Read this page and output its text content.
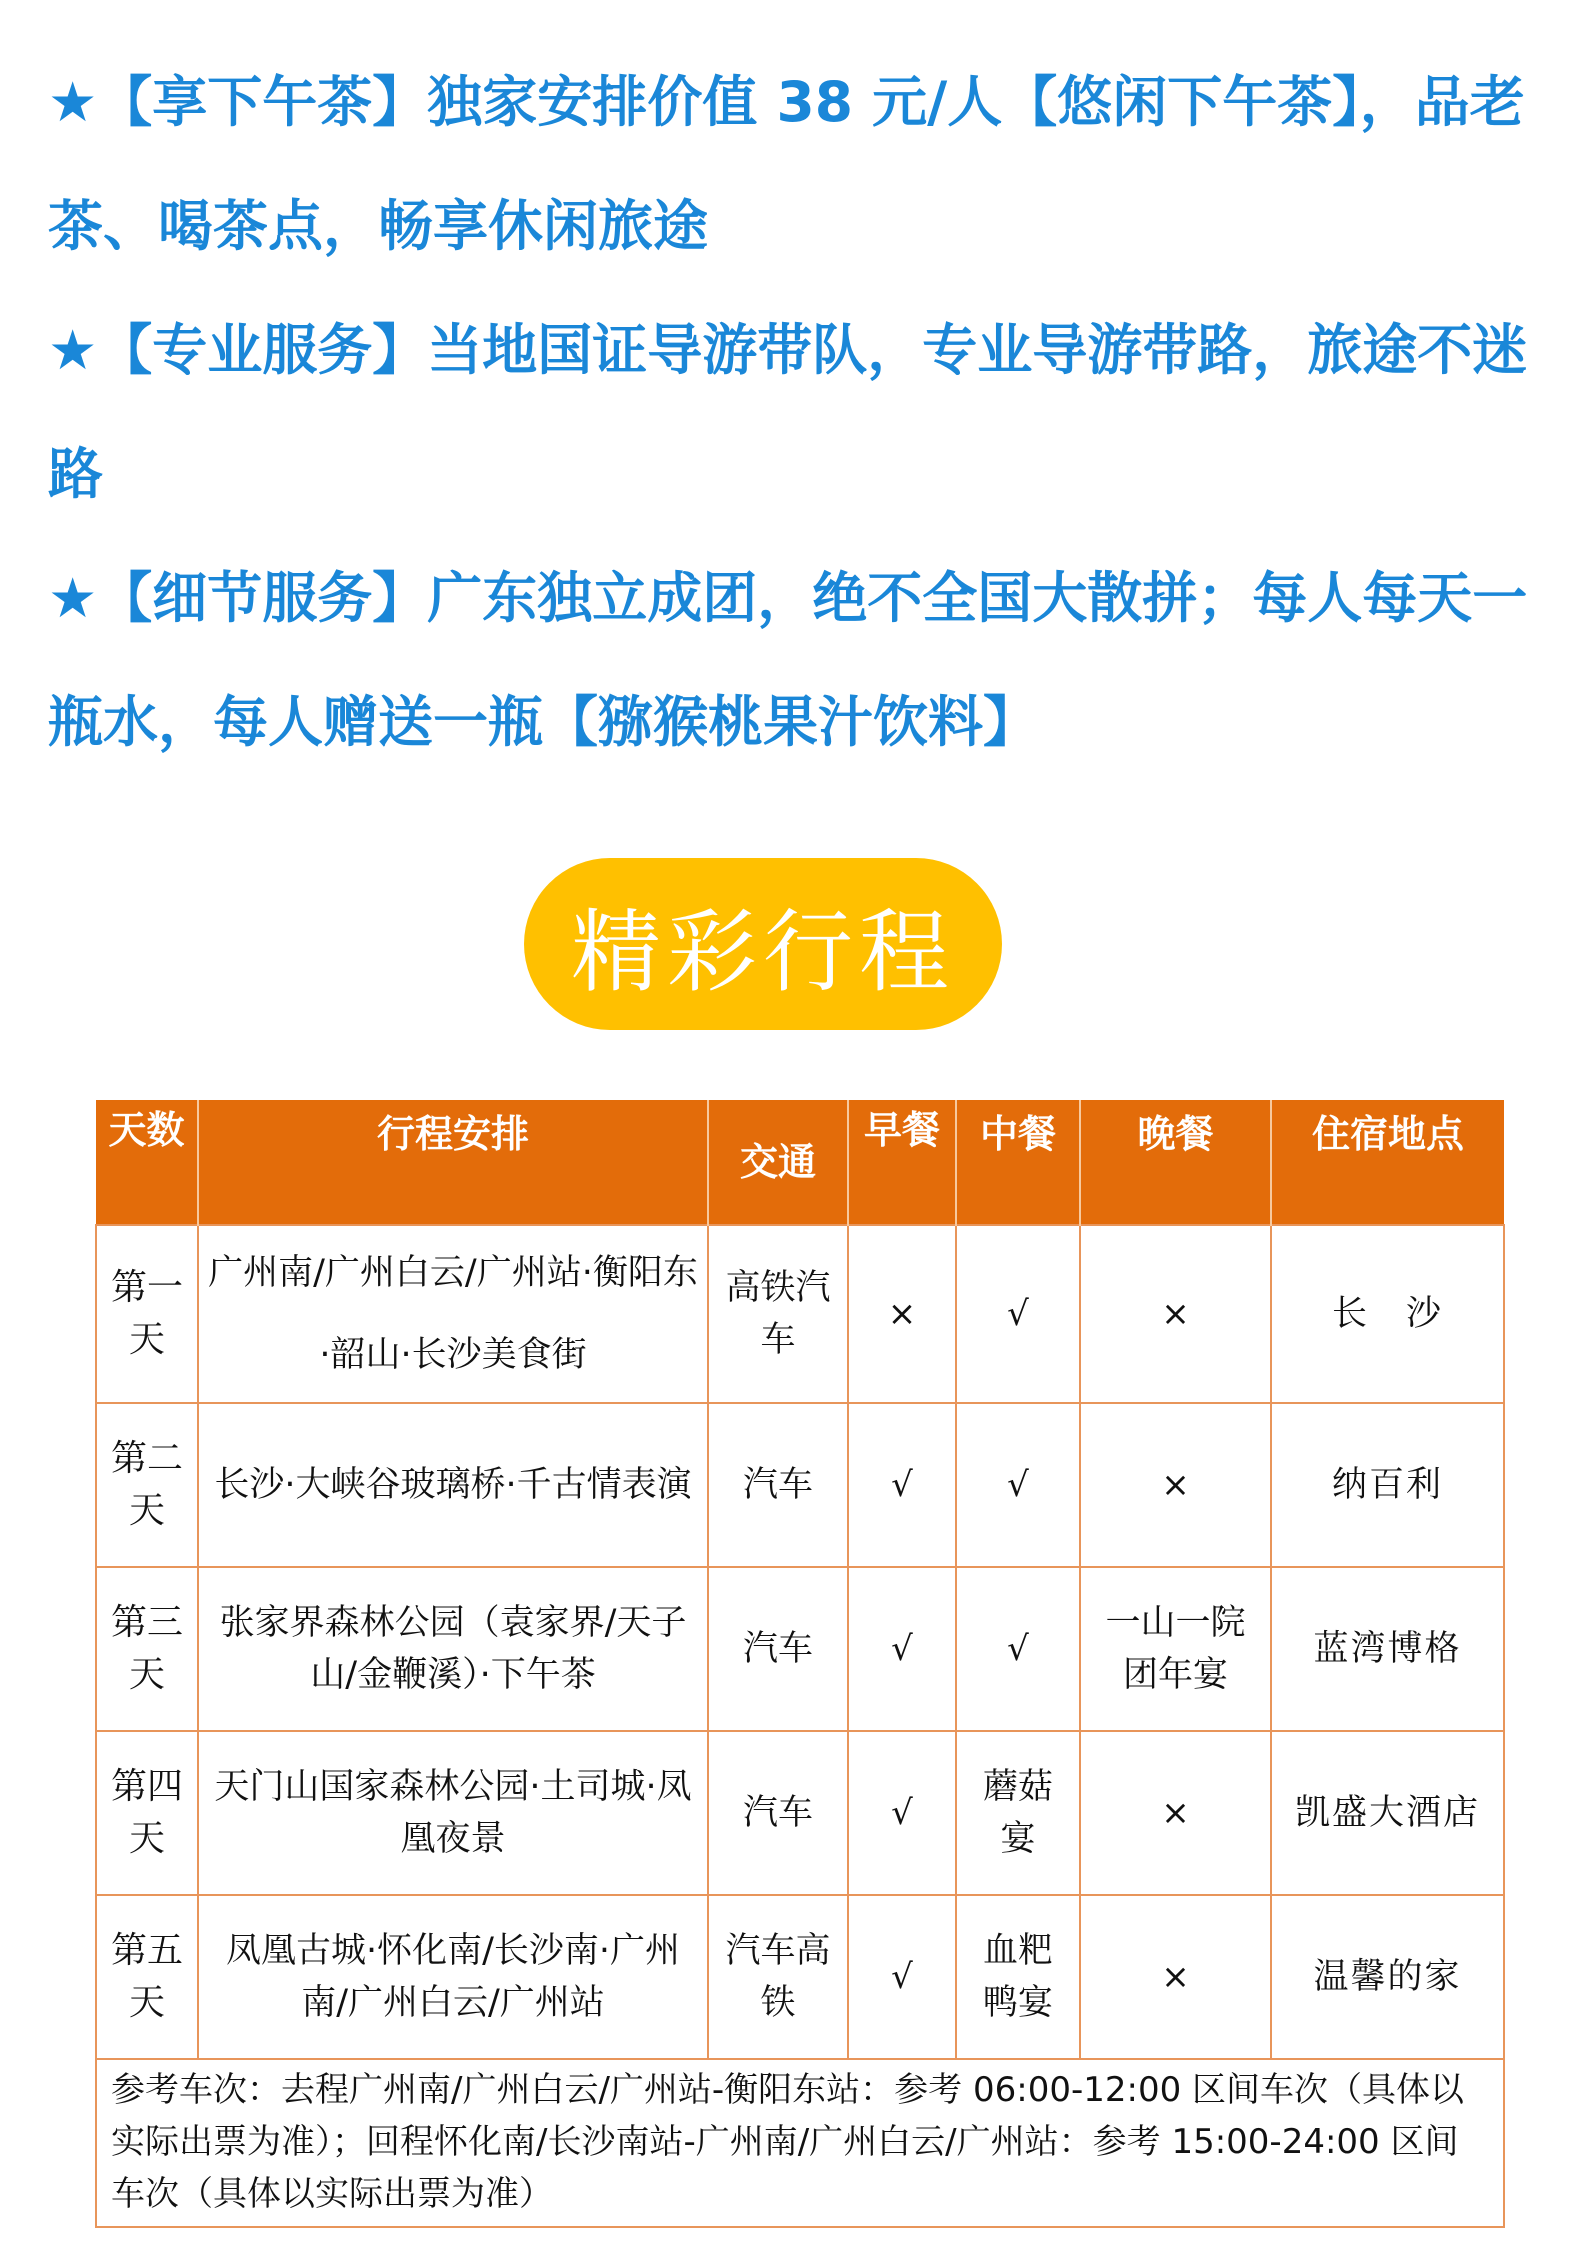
★【享下午茶】独家安排价值 38 元/人【悠闲下午茶】，品老茶、喝茶点，畅享休闲旅途

★【专业服务】当地国证导游带队，专业导游带路，旅途不迷路

★【细节服务】广东独立成团，绝不全国大散拼；每人每天一瓶水，每人赠送一瓶【猕猴桃果汁饮料】

精彩行程
天数	行程安排	交通	早餐	中餐	晚餐	住宿地点
第一天	广州南/广州白云/广州站·衡阳东·韶山·长沙美食街	高铁汽车	×	√	×	长　沙
第二天	长沙·大峡谷玻璃桥·千古情表演	汽车	√	√	×	纳百利
第三天	张家界森林公园（袁家界/天子山/金鞭溪）·下午茶	汽车	√	√	一山一院团年宴	蓝湾博格
第四天	天门山国家森林公园·土司城·凤凰夜景	汽车	√	蘑菇宴	×	凯盛大酒店
第五天	凤凰古城·怀化南/长沙南·广州南/广州白云/广州站	汽车高铁	√	血粑鸭宴	×	温馨的家
参考车次：去程广州南/广州白云/广州站-衡阳东站：参考 06:00-12:00 区间车次（具体以实际出票为准）；回程怀化南/长沙南站-广州南/广州白云/广州站：参考 15:00-24:00 区间车次（具体以实际出票为准）						
